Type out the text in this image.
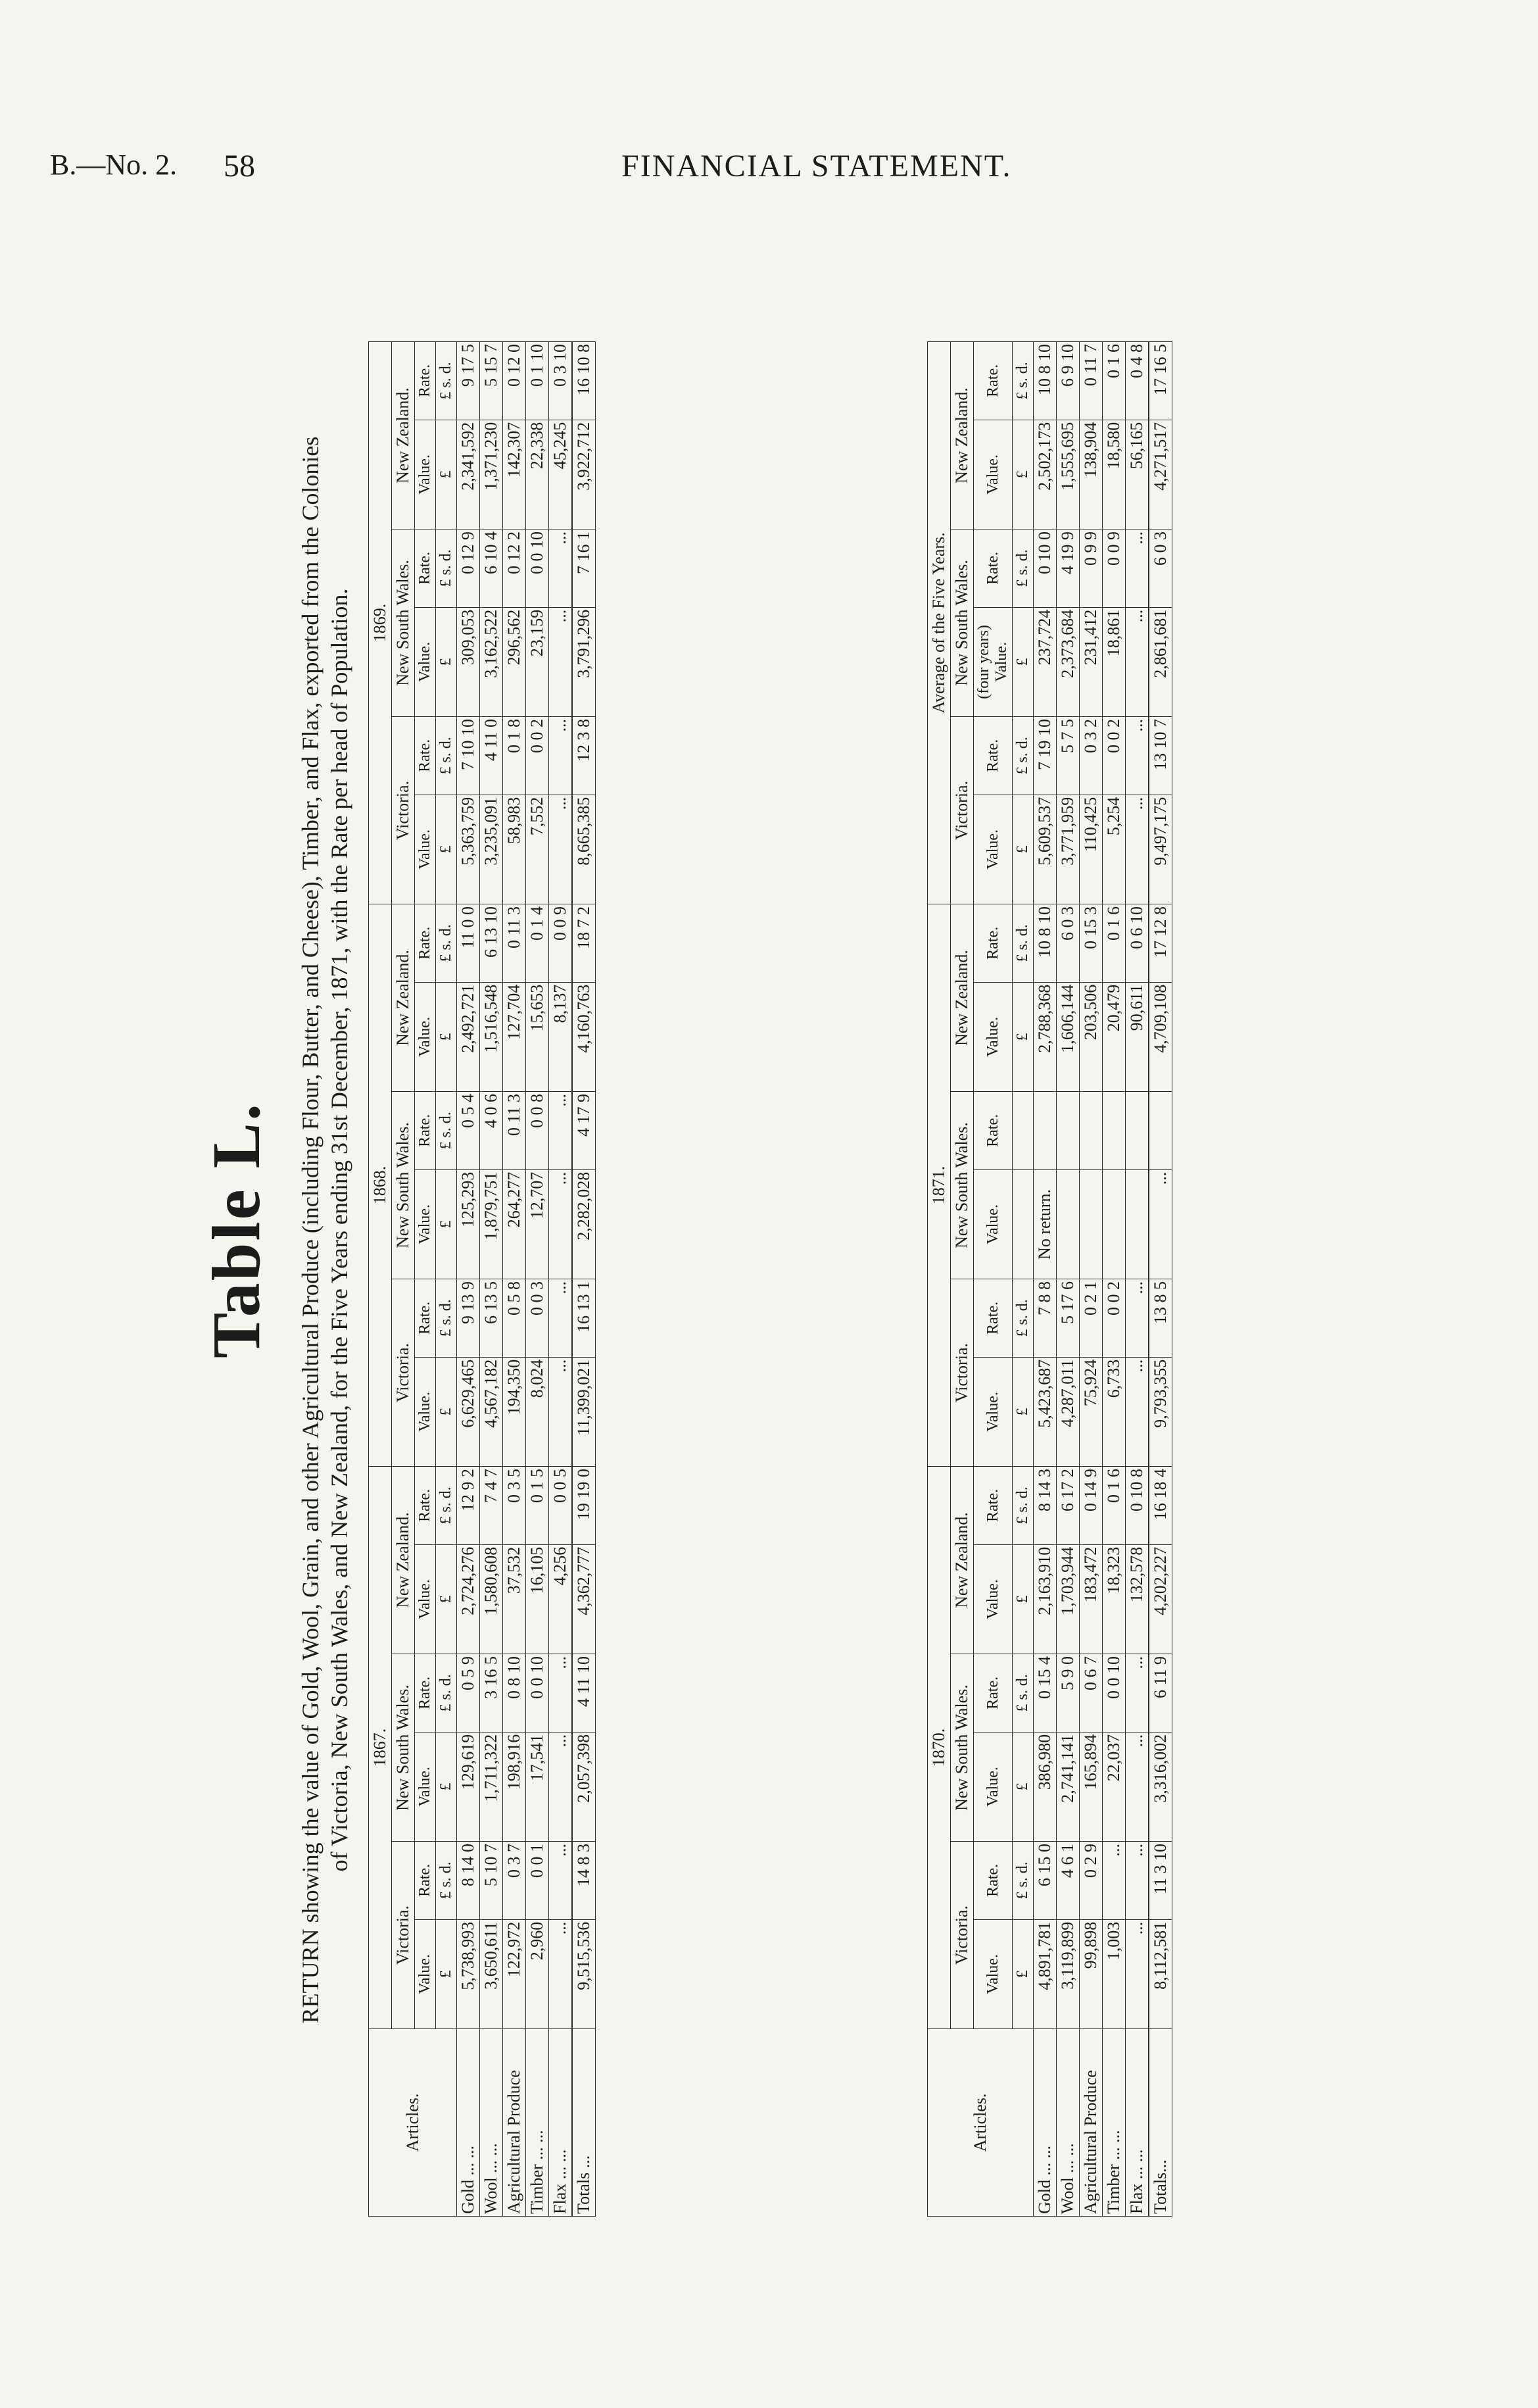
B.—No. 2. 58	FINANCIAL STATEMENT.
Table L. RETURN showing the value of Gold, Wool, Grain, and other Agricultural Produce (including Flour, Butter, and Cheese), Timber, and Flax, exported from the Colonies of Victoria, New South Wales, and New Zealand, for the Five Years ending 31st December, 1871, with the Rate per head of Population.
Articles.	1867.						1868.						1869.					
	Victoria.		New South Wales.		New Zealand.		Victoria.		New South Wales.		New Zealand.		Victoria.		New South Wales.		New Zealand.	
	Value.	Rate.	Value.	Rate.	Value.	Rate.	Value.	Rate.	Value.	Rate.	Value.	Rate.	Value.	Rate.	Value.	Rate.	Value.	Rate.
	£	£ s. d.	£	£ s. d.	£	£ s. d.	£	£ s. d.	£	£ s. d.	£	£ s. d.	£	£ s. d.	£	£ s. d.	£	£ s. d.
Gold ... ...	5,738,993	8 14 0	129,619	0 5 9	2,724,276	12 9 2	6,629,465	9 13 9	125,293	0 5 4	2,492,721	11 0 0	5,363,759	7 10 10	309,053	0 12 9	2,341,592	9 17 5
Wool ... ...	3,650,611	5 10 7	1,711,322	3 16 5	1,580,608	7 4 7	4,567,182	6 13 5	1,879,751	4 0 6	1,516,548	6 13 10	3,235,091	4 11 0	3,162,522	6 10 4	1,371,230	5 15 7
Agricultural Produce	122,972	0 3 7	198,916	0 8 10	37,532	0 3 5	194,350	0 5 8	264,277	0 11 3	127,704	0 11 3	58,983	0 1 8	296,562	0 12 2	142,307	0 12 0
Timber ... ...	2,960	0 0 1	17,541	0 0 10	16,105	0 1 5	8,024	0 0 3	12,707	0 0 8	15,653	0 1 4	7,552	0 0 2	23,159	0 0 10	22,338	0 1 10
Flax ... ...	...	...	...	...	4,256	0 0 5	...	...	...	...	8,137	0 0 9	...	...	...	...	45,245	0 3 10
Totals ...	9,515,536	14 8 3	2,057,398	4 11 10	4,362,777	19 19 0	11,399,021	16 13 1	2,282,028	4 17 9	4,160,763	18 7 2	8,665,385	12 3 8	3,791,296	7 16 1	3,922,712	16 10 8
Articles.	1870.						1871.						Average of the Five Years.					
	Victoria.		New South Wales.		New Zealand.		Victoria.		New South Wales.		New Zealand.		Victoria.		New South Wales.		New Zealand.	
	Value.	Rate.	Value.	Rate.	Value.	Rate.	Value.	Rate.	Value.	Rate.	Value.	Rate.	Value.	Rate.	(four years) Value.	Rate.	Value.	Rate.
	£	£ s. d.	£	£ s. d.	£	£ s. d.	£	£ s. d.			£	£ s. d.	£	£ s. d.	£	£ s. d.	£	£ s. d.
Gold ... ...	4,891,781	6 15 0	386,980	0 15 4	2,163,910	8 14 3	5,423,687	7 8 8	No return.		2,788,368	10 8 10	5,609,537	7 19 10	237,724	0 10 0	2,502,173	10 8 10
Wool ... ...	3,119,899	4 6 1	2,741,141	5 9 0	1,703,944	6 17 2	4,287,011	5 17 6			1,606,144	6 0 3	3,771,959	5 7 5	2,373,684	4 19 9	1,555,695	6 9 10
Agricultural Produce	99,898	0 2 9	165,894	0 6 7	183,472	0 14 9	75,924	0 2 1			203,506	0 15 3	110,425	0 3 2	231,412	0 9 9	138,904	0 11 7
Timber ... ...	1,003	...	22,037	0 0 10	18,323	0 1 6	6,733	0 0 2			20,479	0 1 6	5,254	0 0 2	18,861	0 0 9	18,580	0 1 6
Flax ... ...	...	...	...	...	132,578	0 10 8	...	...			90,611	0 6 10	...	...	...	...	56,165	0 4 8
Totals...	8,112,581	11 3 10	3,316,002	6 11 9	4,202,227	16 18 4	9,793,355	13 8 5	...		4,709,108	17 12 8	9,497,175	13 10 7	2,861,681	6 0 3	4,271,517	17 16 5
